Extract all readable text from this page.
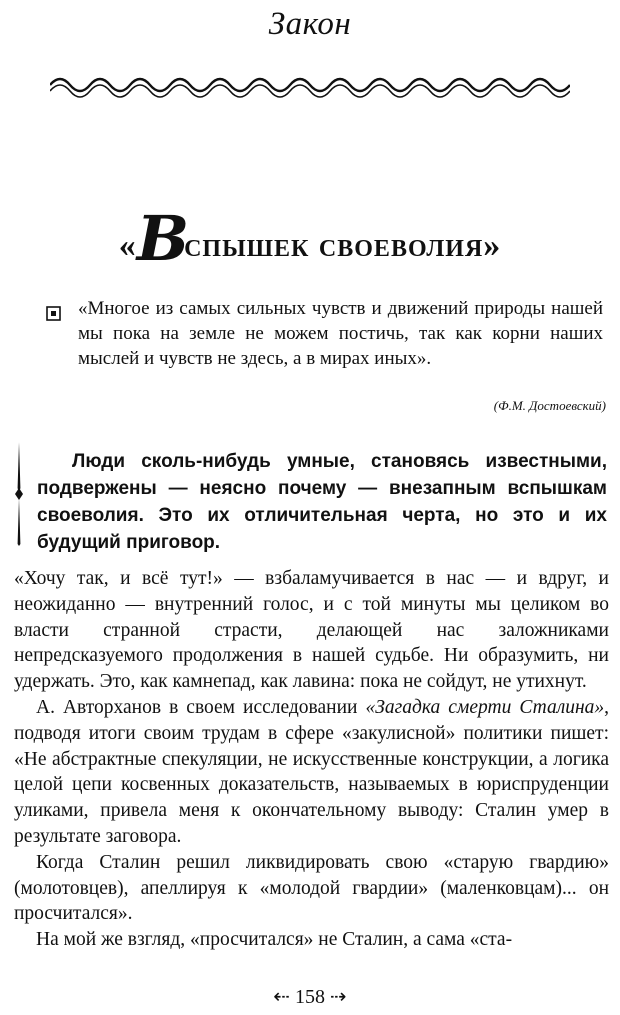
Закон
«Вспышек своеволия»
«Многое из самых сильных чувств и движений природы нашей мы пока на земле не можем постичь, так как корни наших мыслей и чувств не здесь, а в мирах иных».
(Ф.М. Достоевский)
Люди сколь-нибудь умные, становясь известными, подвержены — неясно почему — внезапным вспышкам своеволия. Это их отличительная черта, но это и их будущий приговор.

«Хочу так, и всё тут!» — взбаламучивается в нас — и вдруг, и неожиданно — внутренний голос, и с той минуты мы целиком во власти странной страсти, делающей нас заложниками непредсказуемого продолжения в нашей судьбе. Ни образумить, ни удержать. Это, как камнепад, как лавина: пока не сойдут, не утихнут.

А. Авторханов в своем исследовании «Загадка смерти Сталина», подводя итоги своим трудам в сфере «закулисной» политики пишет: «Не абстрактные спекуляции, не искусственные конструкции, а логика целой цепи косвенных доказательств, называемых в юриспруденции уликами, привела меня к окончательному выводу: Сталин умер в результате заговора.

Когда Сталин решил ликвидировать свою «старую гвардию» (молотовцев), апеллируя к «молодой гвардии» (маленковцам)... он просчитался».

На мой же взгляд, «просчитался» не Сталин, а сама «ста-

⇠ 158 ⇢
